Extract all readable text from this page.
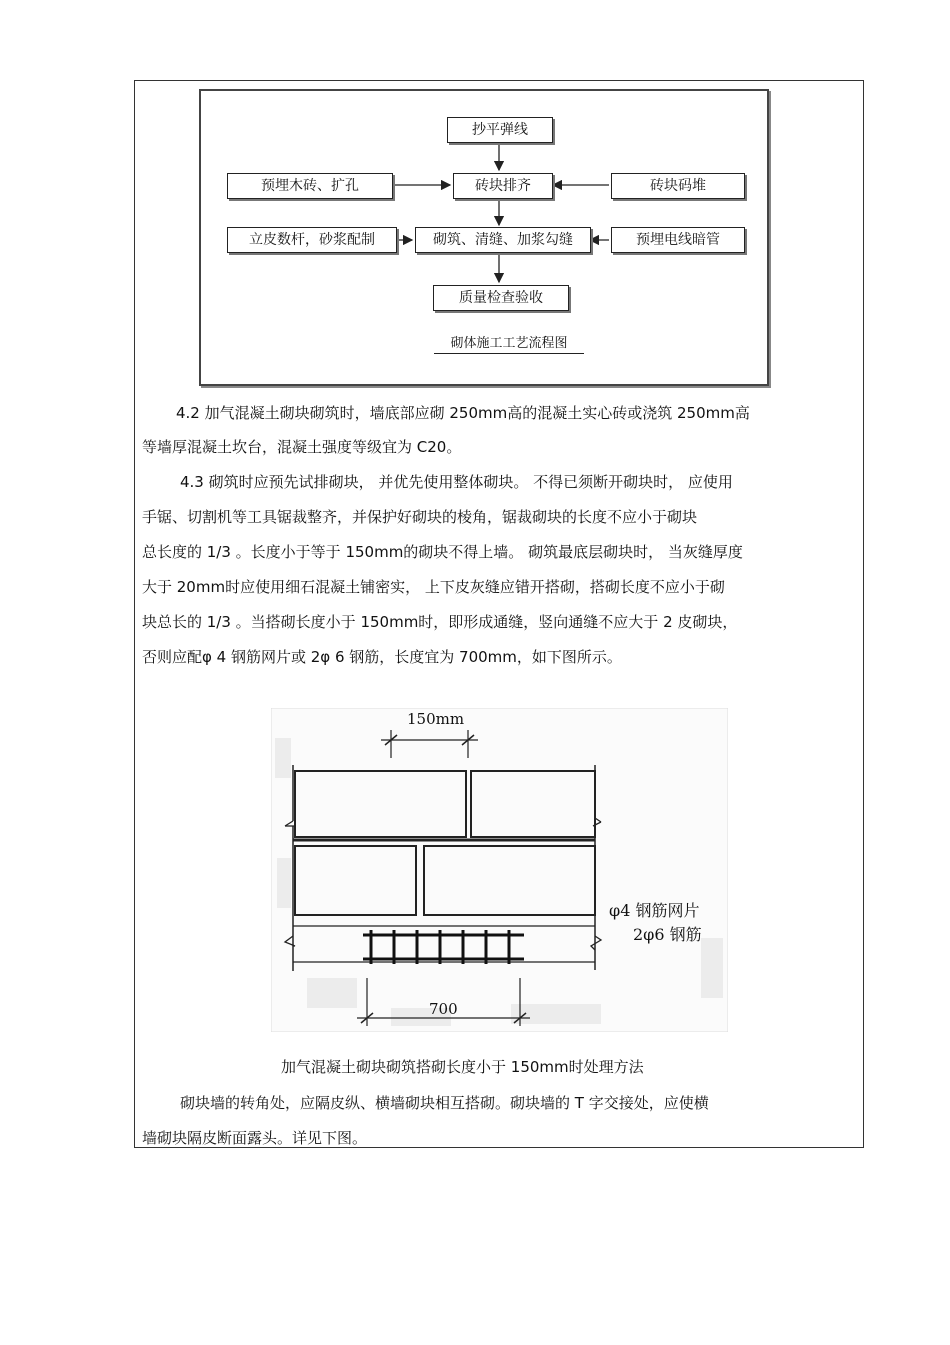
抄平弹线
预埋木砖、扩孔	砖块排齐	砖块码堆
立皮数杆，砂浆配制	砌筑、清缝、加浆勾缝	预埋电线暗管
质量检查验收
砌体施工工艺流程图
4.2 加气混凝土砌块砌筑时，墙底部应砌 250mm高的混凝土实心砖或浇筑 250mm高
等墙厚混凝土坎台，混凝土强度等级宜为 C20。
4.3 砌筑时应预先试排砌块， 并优先使用整体砌块。 不得已须断开砌块时， 应使用
手锯、切割机等工具锯裁整齐，并保护好砌块的棱角，锯裁砌块的长度不应小于砌块
总长度的 1/3 。长度小于等于 150mm的砌块不得上墙。 砌筑最底层砌块时， 当灰缝厚度
大于 20mm时应使用细石混凝土铺密实， 上下皮灰缝应错开搭砌，搭砌长度不应小于砌
块总长的 1/3 。当搭砌长度小于 150mm时，即形成通缝，竖向通缝不应大于 2 皮砌块，
否则应配φ 4 钢筋网片或 2φ 6 钢筋，长度宜为 700mm，如下图所示。
150mm
φ4 钢筋网片
2φ6 钢筋
700
加气混凝土砌块砌筑搭砌长度小于 150mm时处理方法
砌块墙的转角处，应隔皮纵、横墙砌块相互搭砌。砌块墙的 T 字交接处，应使横
墙砌块隔皮断面露头。详见下图。
